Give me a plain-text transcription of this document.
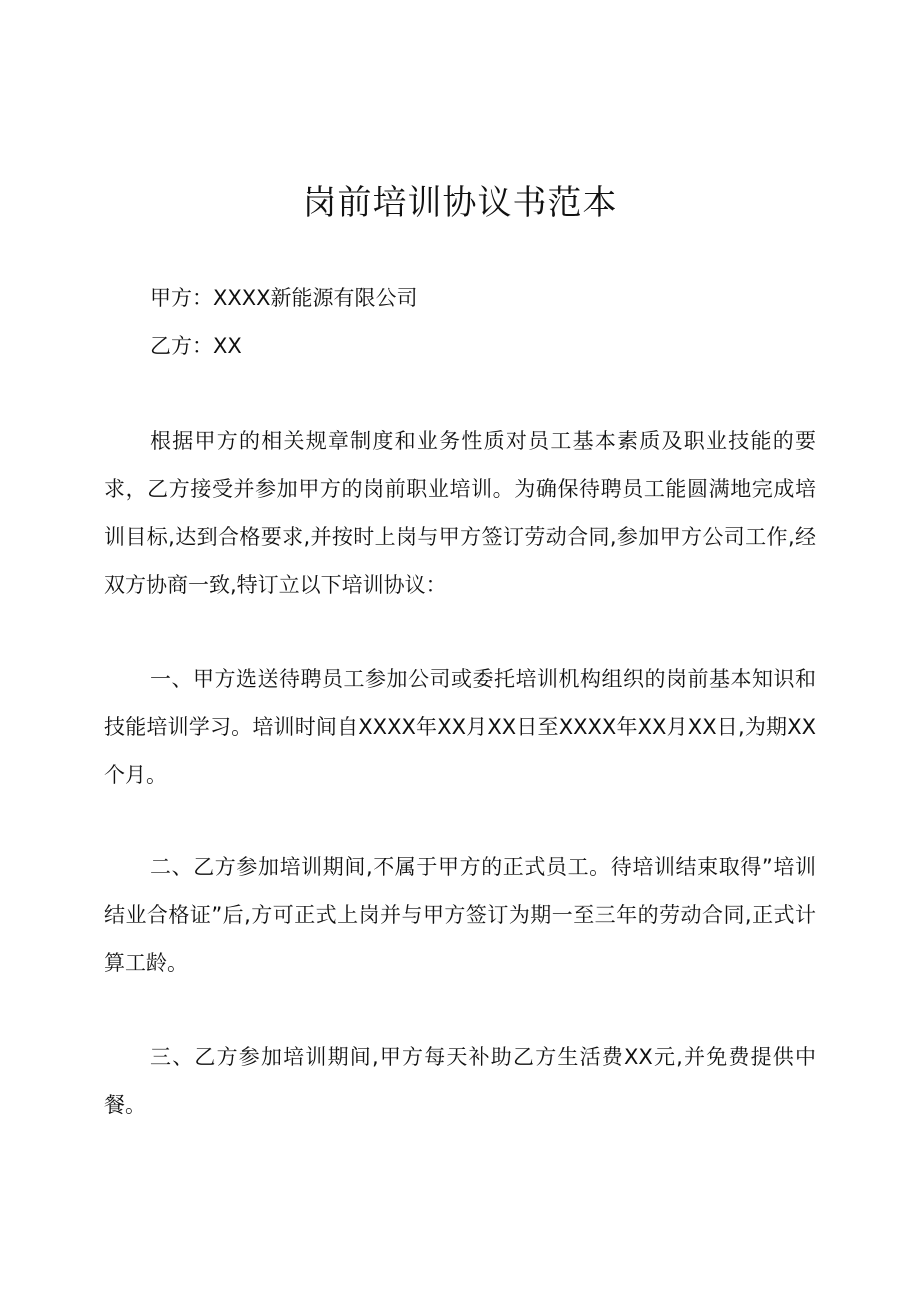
岗前培训协议书范本

甲方：XXXX新能源有限公司

乙方：XX

根据甲方的相关规章制度和业务性质对员工基本素质及职业技能的要求，乙方接受并参加甲方的岗前职业培训。为确保待聘员工能圆满地完成培训目标,达到合格要求,并按时上岗与甲方签订劳动合同,参加甲方公司工作,经双方协商一致,特订立以下培训协议：

一、甲方选送待聘员工参加公司或委托培训机构组织的岗前基本知识和技能培训学习。培训时间自XXXX年XX月XX日至XXXX年XX月XX日,为期XX个月。

二、乙方参加培训期间,不属于甲方的正式员工。待培训结束取得”培训结业合格证”后,方可正式上岗并与甲方签订为期一至三年的劳动合同,正式计算工龄。

三、乙方参加培训期间,甲方每天补助乙方生活费XX元,并免费提供中餐。
